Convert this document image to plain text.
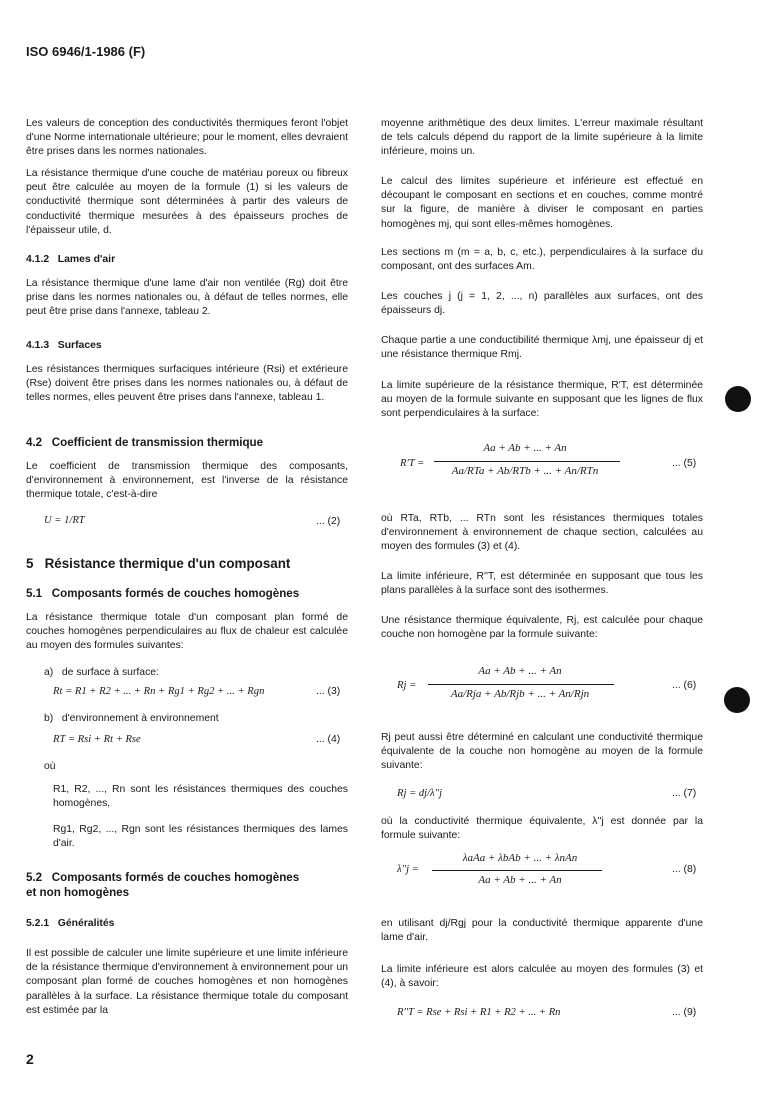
ISO 6946/1-1986 (F)

Les valeurs de conception des conductivités thermiques feront l'objet d'une Norme internationale ultérieure; pour le moment, elles devraient être prises dans les normes nationales.

La résistance thermique d'une couche de matériau poreux ou fibreux peut être calculée au moyen de la formule (1) si les valeurs de conductivité thermique sont déterminées à partir des valeurs de conductivité thermique mesurées à des épaisseurs proches de l'épaisseur utile, d.

4.1.2   Lames d'air

La résistance thermique d'une lame d'air non ventilée (Rg) doit être prise dans les normes nationales ou, à défaut de telles normes, elle peut être prise dans l'annexe, tableau 2.

4.1.3   Surfaces

Les résistances thermiques surfaciques intérieure (Rsi) et extérieure (Rse) doivent être prises dans les normes nationales ou, à défaut de telles normes, elles peuvent être prises dans l'annexe, tableau 1.

4.2   Coefficient de transmission thermique

Le coefficient de transmission thermique des composants, d'environnement à environnement, est l'inverse de la résistance thermique totale, c'est-à-dire

U = 1/RT	... (2)
5   Résistance thermique d'un composant
5.1   Composants formés de couches homogènes

La résistance thermique totale d'un composant plan formé de couches homogènes perpendiculaires au flux de chaleur est calculée au moyen des formules suivantes:

a)   de surface à surface:
Rt = R1 + R2 + ... + Rn + Rg1 + Rg2 + ... + Rgn	... (3)
b)   d'environnement à environnement
RT = Rsi + Rt + Rse	... (4)
où

R1, R2, ..., Rn sont les résistances thermiques des couches homogènes,

Rg1, Rg2, ..., Rgn sont les résistances thermiques des lames d'air.

5.2   Composants formés de couches homogènes
et non homogènes
5.2.1   Généralités

Il est possible de calculer une limite supérieure et une limite inférieure de la résistance thermique d'environnement à environnement pour un composant plan formé de couches homogènes et non homogènes parallèles à la surface. La résistance thermique totale du composant est estimée par la

2

moyenne arithmétique des deux limites. L'erreur maximale résultant de tels calculs dépend du rapport de la limite supérieure à la limite inférieure, moins un.

Le calcul des limites supérieure et inférieure est effectué en découpant le composant en sections et en couches, comme montré sur la figure, de manière à diviser le composant en parties homogènes mj, qui sont elles-mêmes homogènes.

Les sections m (m = a, b, c, etc.), perpendiculaires à la surface du composant, ont des surfaces Am.

Les couches j (j = 1, 2, ..., n) parallèles aux surfaces, ont des épaisseurs dj.

Chaque partie a une conductibilité thermique λmj, une épaisseur dj et une résistance thermique Rmj.

La limite supérieure de la résistance thermique, R'T, est déterminée au moyen de la formule suivante en supposant que les lignes de flux sont perpendiculaires à la surface:

R'T =
Aa + Ab + ... + An
Aa/RTa + Ab/RTb + ... + An/RTn
... (5)

où RTa, RTb, ... RTn sont les résistances thermiques totales d'environnement à environnement de chaque section, calculées au moyen des formules (3) et (4).

La limite inférieure, R''T, est déterminée en supposant que tous les plans parallèles à la surface sont des isothermes.

Une résistance thermique équivalente, Rj, est calculée pour chaque couche non homogène par la formule suivante:

Rj =
Aa + Ab + ... + An
Aa/Rja + Ab/Rjb + ... + An/Rjn
... (6)

Rj peut aussi être déterminé en calculant une conductivité thermique équivalente de la couche non homogène au moyen de la formule suivante:

Rj = dj/λ''j	... (7)

où la conductivité thermique équivalente, λ''j est donnée par la formule suivante:

λ''j =
λaAa + λbAb + ... + λnAn
Aa + Ab + ... + An
... (8)

en utilisant dj/Rgj pour la conductivité thermique apparente d'une lame d'air.

La limite inférieure est alors calculée au moyen des formules (3) et (4), à savoir:

R''T = Rse + Rsi + R1 + R2 + ... + Rn	... (9)
